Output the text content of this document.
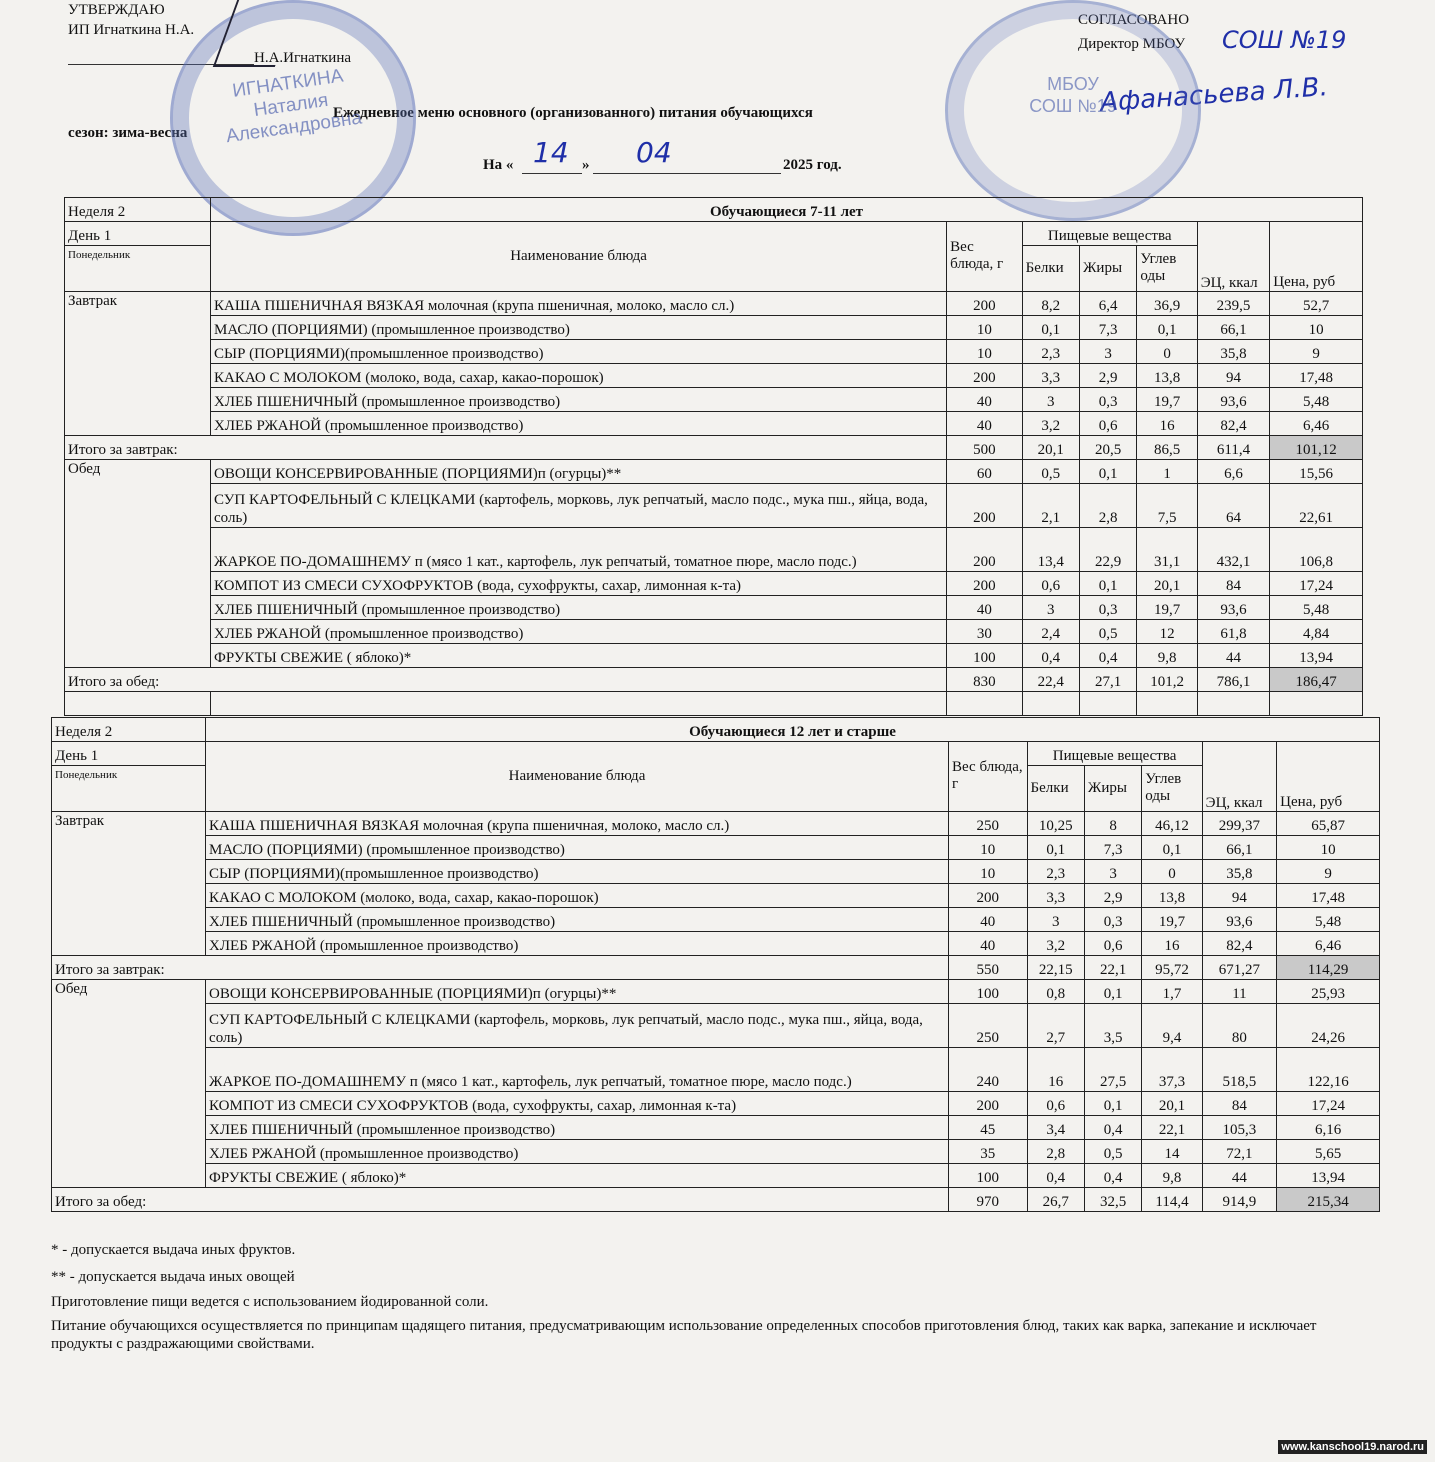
УТВЕРЖДАЮ
ИП Игнаткина Н.А.
Н.А.Игнаткина
СОГЛАСОВАНО
Директор МБОУ СОШ №19
Афанасьева Л.В.
Ежедневное меню основного (организованного) питания обучающихся
сезон: зима-весна
На « 14 » 04	2025 год.
ИГНАТКИНА Наталия Александровна
МБОУ СОШ №19
Неделя 2	Обучающиеся 7-11 лет						
День 1	Наименование блюда	Вес блюда, г	Пищевые вещества				
Понедельник			Белки	Жиры	Углев оды		
						ЭЦ, ккал	Цена, руб
Завтрак	КАША ПШЕНИЧНАЯ ВЯЗКАЯ молочная (крупа пшеничная, молоко, масло сл.)	200	8,2	6,4	36,9	239,5	52,7
	МАСЛО (ПОРЦИЯМИ) (промышленное производство)	10	0,1	7,3	0,1	66,1	10
	СЫР (ПОРЦИЯМИ)(промышленное производство)	10	2,3	3	0	35,8	9
	КАКАО С МОЛОКОМ (молоко, вода, сахар, какао-порошок)	200	3,3	2,9	13,8	94	17,48
	ХЛЕБ ПШЕНИЧНЫЙ (промышленное производство)	40	3	0,3	19,7	93,6	5,48
	ХЛЕБ РЖАНОЙ (промышленное производство)	40	3,2	0,6	16	82,4	6,46
Итого за завтрак:		500	20,1	20,5	86,5	611,4	101,12
Обед	ОВОЩИ КОНСЕРВИРОВАННЫЕ (ПОРЦИЯМИ)п (огурцы)**	60	0,5	0,1	1	6,6	15,56
	СУП КАРТОФЕЛЬНЫЙ С КЛЕЦКАМИ (картофель, морковь, лук репчатый, масло подс., мука пш., яйца, вода, соль)	200	2,1	2,8	7,5	64	22,61
	ЖАРКОЕ ПО-ДОМАШНЕМУ п (мясо 1 кат., картофель, лук репчатый, томатное пюре, масло подс.)	200	13,4	22,9	31,1	432,1	106,8
	КОМПОТ ИЗ СМЕСИ СУХОФРУКТОВ (вода, сухофрукты, сахар, лимонная к-та)	200	0,6	0,1	20,1	84	17,24
	ХЛЕБ ПШЕНИЧНЫЙ (промышленное производство)	40	3	0,3	19,7	93,6	5,48
	ХЛЕБ РЖАНОЙ (промышленное производство)	30	2,4	0,5	12	61,8	4,84
	ФРУКТЫ СВЕЖИЕ ( яблоко)*	100	0,4	0,4	9,8	44	13,94
Итого за обед:		830	22,4	27,1	101,2	786,1	186,47

Неделя 2	Обучающиеся 12 лет и старше						
День 1	Наименование блюда	Вес блюда, г	Пищевые вещества				
Понедельник			Белки	Жиры	Углев оды		
						ЭЦ, ккал	Цена, руб
Завтрак	КАША ПШЕНИЧНАЯ ВЯЗКАЯ молочная (крупа пшеничная, молоко, масло сл.)	250	10,25	8	46,12	299,37	65,87
	МАСЛО (ПОРЦИЯМИ) (промышленное производство)	10	0,1	7,3	0,1	66,1	10
	СЫР (ПОРЦИЯМИ)(промышленное производство)	10	2,3	3	0	35,8	9
	КАКАО С МОЛОКОМ (молоко, вода, сахар, какао-порошок)	200	3,3	2,9	13,8	94	17,48
	ХЛЕБ ПШЕНИЧНЫЙ (промышленное производство)	40	3	0,3	19,7	93,6	5,48
	ХЛЕБ РЖАНОЙ (промышленное производство)	40	3,2	0,6	16	82,4	6,46
Итого за завтрак:		550	22,15	22,1	95,72	671,27	114,29
Обед	ОВОЩИ КОНСЕРВИРОВАННЫЕ (ПОРЦИЯМИ)п (огурцы)**	100	0,8	0,1	1,7	11	25,93
	СУП КАРТОФЕЛЬНЫЙ С КЛЕЦКАМИ (картофель, морковь, лук репчатый, масло подс., мука пш., яйца, вода, соль)	250	2,7	3,5	9,4	80	24,26
	ЖАРКОЕ ПО-ДОМАШНЕМУ п (мясо 1 кат., картофель, лук репчатый, томатное пюре, масло подс.)	240	16	27,5	37,3	518,5	122,16
	КОМПОТ ИЗ СМЕСИ СУХОФРУКТОВ (вода, сухофрукты, сахар, лимонная к-та)	200	0,6	0,1	20,1	84	17,24
	ХЛЕБ ПШЕНИЧНЫЙ (промышленное производство)	45	3,4	0,4	22,1	105,3	6,16
	ХЛЕБ РЖАНОЙ (промышленное производство)	35	2,8	0,5	14	72,1	5,65
	ФРУКТЫ СВЕЖИЕ ( яблоко)*	100	0,4	0,4	9,8	44	13,94
Итого за обед:		970	26,7	32,5	114,4	914,9	215,34
* - допускается выдача иных фруктов.
** - допускается выдача иных овощей
Приготовление пищи ведется с использованием йодированной соли.
Питание обучающихся осуществляется по принципам щадящего питания, предусматривающим использование определенных способов приготовления блюд, таких как варка, запекание и исключает продукты с раздражающими свойствами.
www.kanschool19.narod.ru
